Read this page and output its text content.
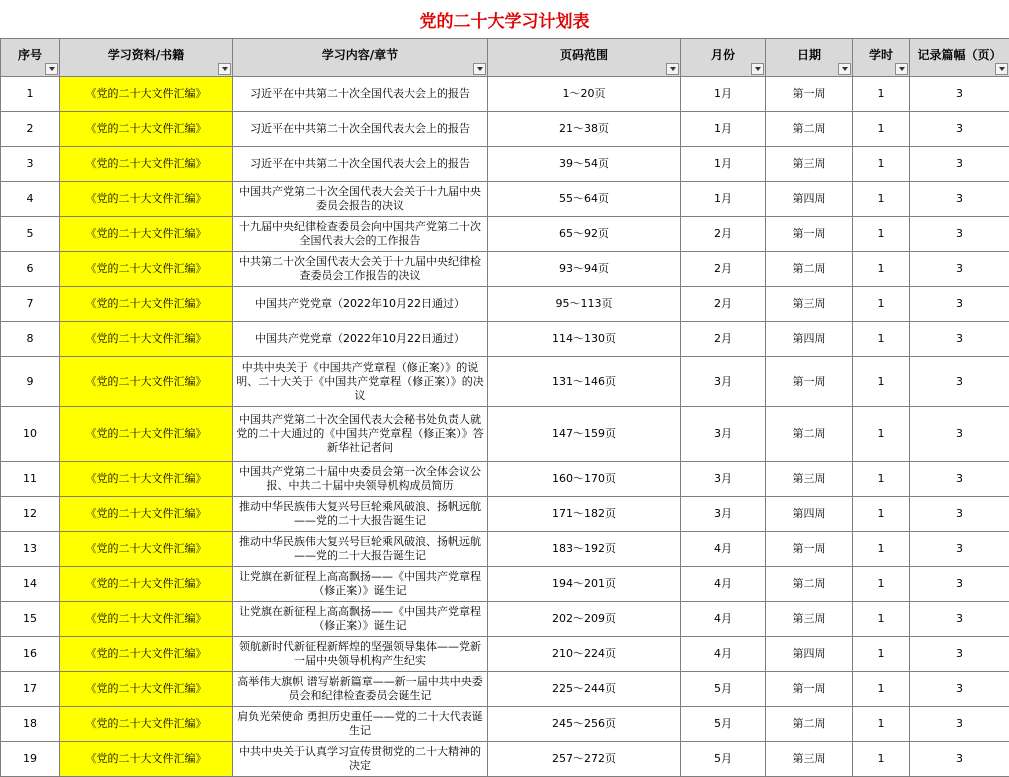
党的二十大学习计划表
序号	学习资料/书籍	学习内容/章节	页码范围	月份	日期	学时	记录篇幅（页）

1	《党的二十大文件汇编》	习近平在中共第二十次全国代表大会上的报告	1～20页	1月	第一周	1	3
2	《党的二十大文件汇编》	习近平在中共第二十次全国代表大会上的报告	21～38页	1月	第二周	1	3
3	《党的二十大文件汇编》	习近平在中共第二十次全国代表大会上的报告	39～54页	1月	第三周	1	3
4	《党的二十大文件汇编》	中国共产党第二十次全国代表大会关于十九届中央委员会报告的决议	55～64页	1月	第四周	1	3
5	《党的二十大文件汇编》	十九届中央纪律检查委员会向中国共产党第二十次全国代表大会的工作报告	65～92页	2月	第一周	1	3
6	《党的二十大文件汇编》	中共第二十次全国代表大会关于十九届中央纪律检查委员会工作报告的决议	93～94页	2月	第二周	1	3
7	《党的二十大文件汇编》	中国共产党党章（2022年10月22日通过）	95～113页	2月	第三周	1	3
8	《党的二十大文件汇编》	中国共产党党章（2022年10月22日通过）	114～130页	2月	第四周	1	3
9	《党的二十大文件汇编》	中共中央关于《中国共产党章程（修正案）》的说明、二十大关于《中国共产党章程（修正案）》的决议	131～146页	3月	第一周	1	3
10	《党的二十大文件汇编》	中国共产党第二十次全国代表大会秘书处负责人就党的二十大通过的《中国共产党章程（修正案）》答新华社记者问	147～159页	3月	第二周	1	3
11	《党的二十大文件汇编》	中国共产党第二十届中央委员会第一次全体会议公报、中共二十届中央领导机构成员简历	160～170页	3月	第三周	1	3
12	《党的二十大文件汇编》	推动中华民族伟大复兴号巨轮乘风破浪、扬帆远航——党的二十大报告诞生记	171～182页	3月	第四周	1	3
13	《党的二十大文件汇编》	推动中华民族伟大复兴号巨轮乘风破浪、扬帆远航——党的二十大报告诞生记	183～192页	4月	第一周	1	3
14	《党的二十大文件汇编》	让党旗在新征程上高高飘扬——《中国共产党章程（修正案）》诞生记	194～201页	4月	第二周	1	3
15	《党的二十大文件汇编》	让党旗在新征程上高高飘扬——《中国共产党章程（修正案）》诞生记	202～209页	4月	第三周	1	3
16	《党的二十大文件汇编》	领航新时代新征程新辉煌的坚强领导集体——党新一届中央领导机构产生纪实	210～224页	4月	第四周	1	3
17	《党的二十大文件汇编》	高举伟大旗帜 谱写崭新篇章——新一届中共中央委员会和纪律检查委员会诞生记	225～244页	5月	第一周	1	3
18	《党的二十大文件汇编》	肩负光荣使命 勇担历史重任——党的二十大代表诞生记	245～256页	5月	第二周	1	3
19	《党的二十大文件汇编》	中共中央关于认真学习宣传贯彻党的二十大精神的决定	257～272页	5月	第三周	1	3
